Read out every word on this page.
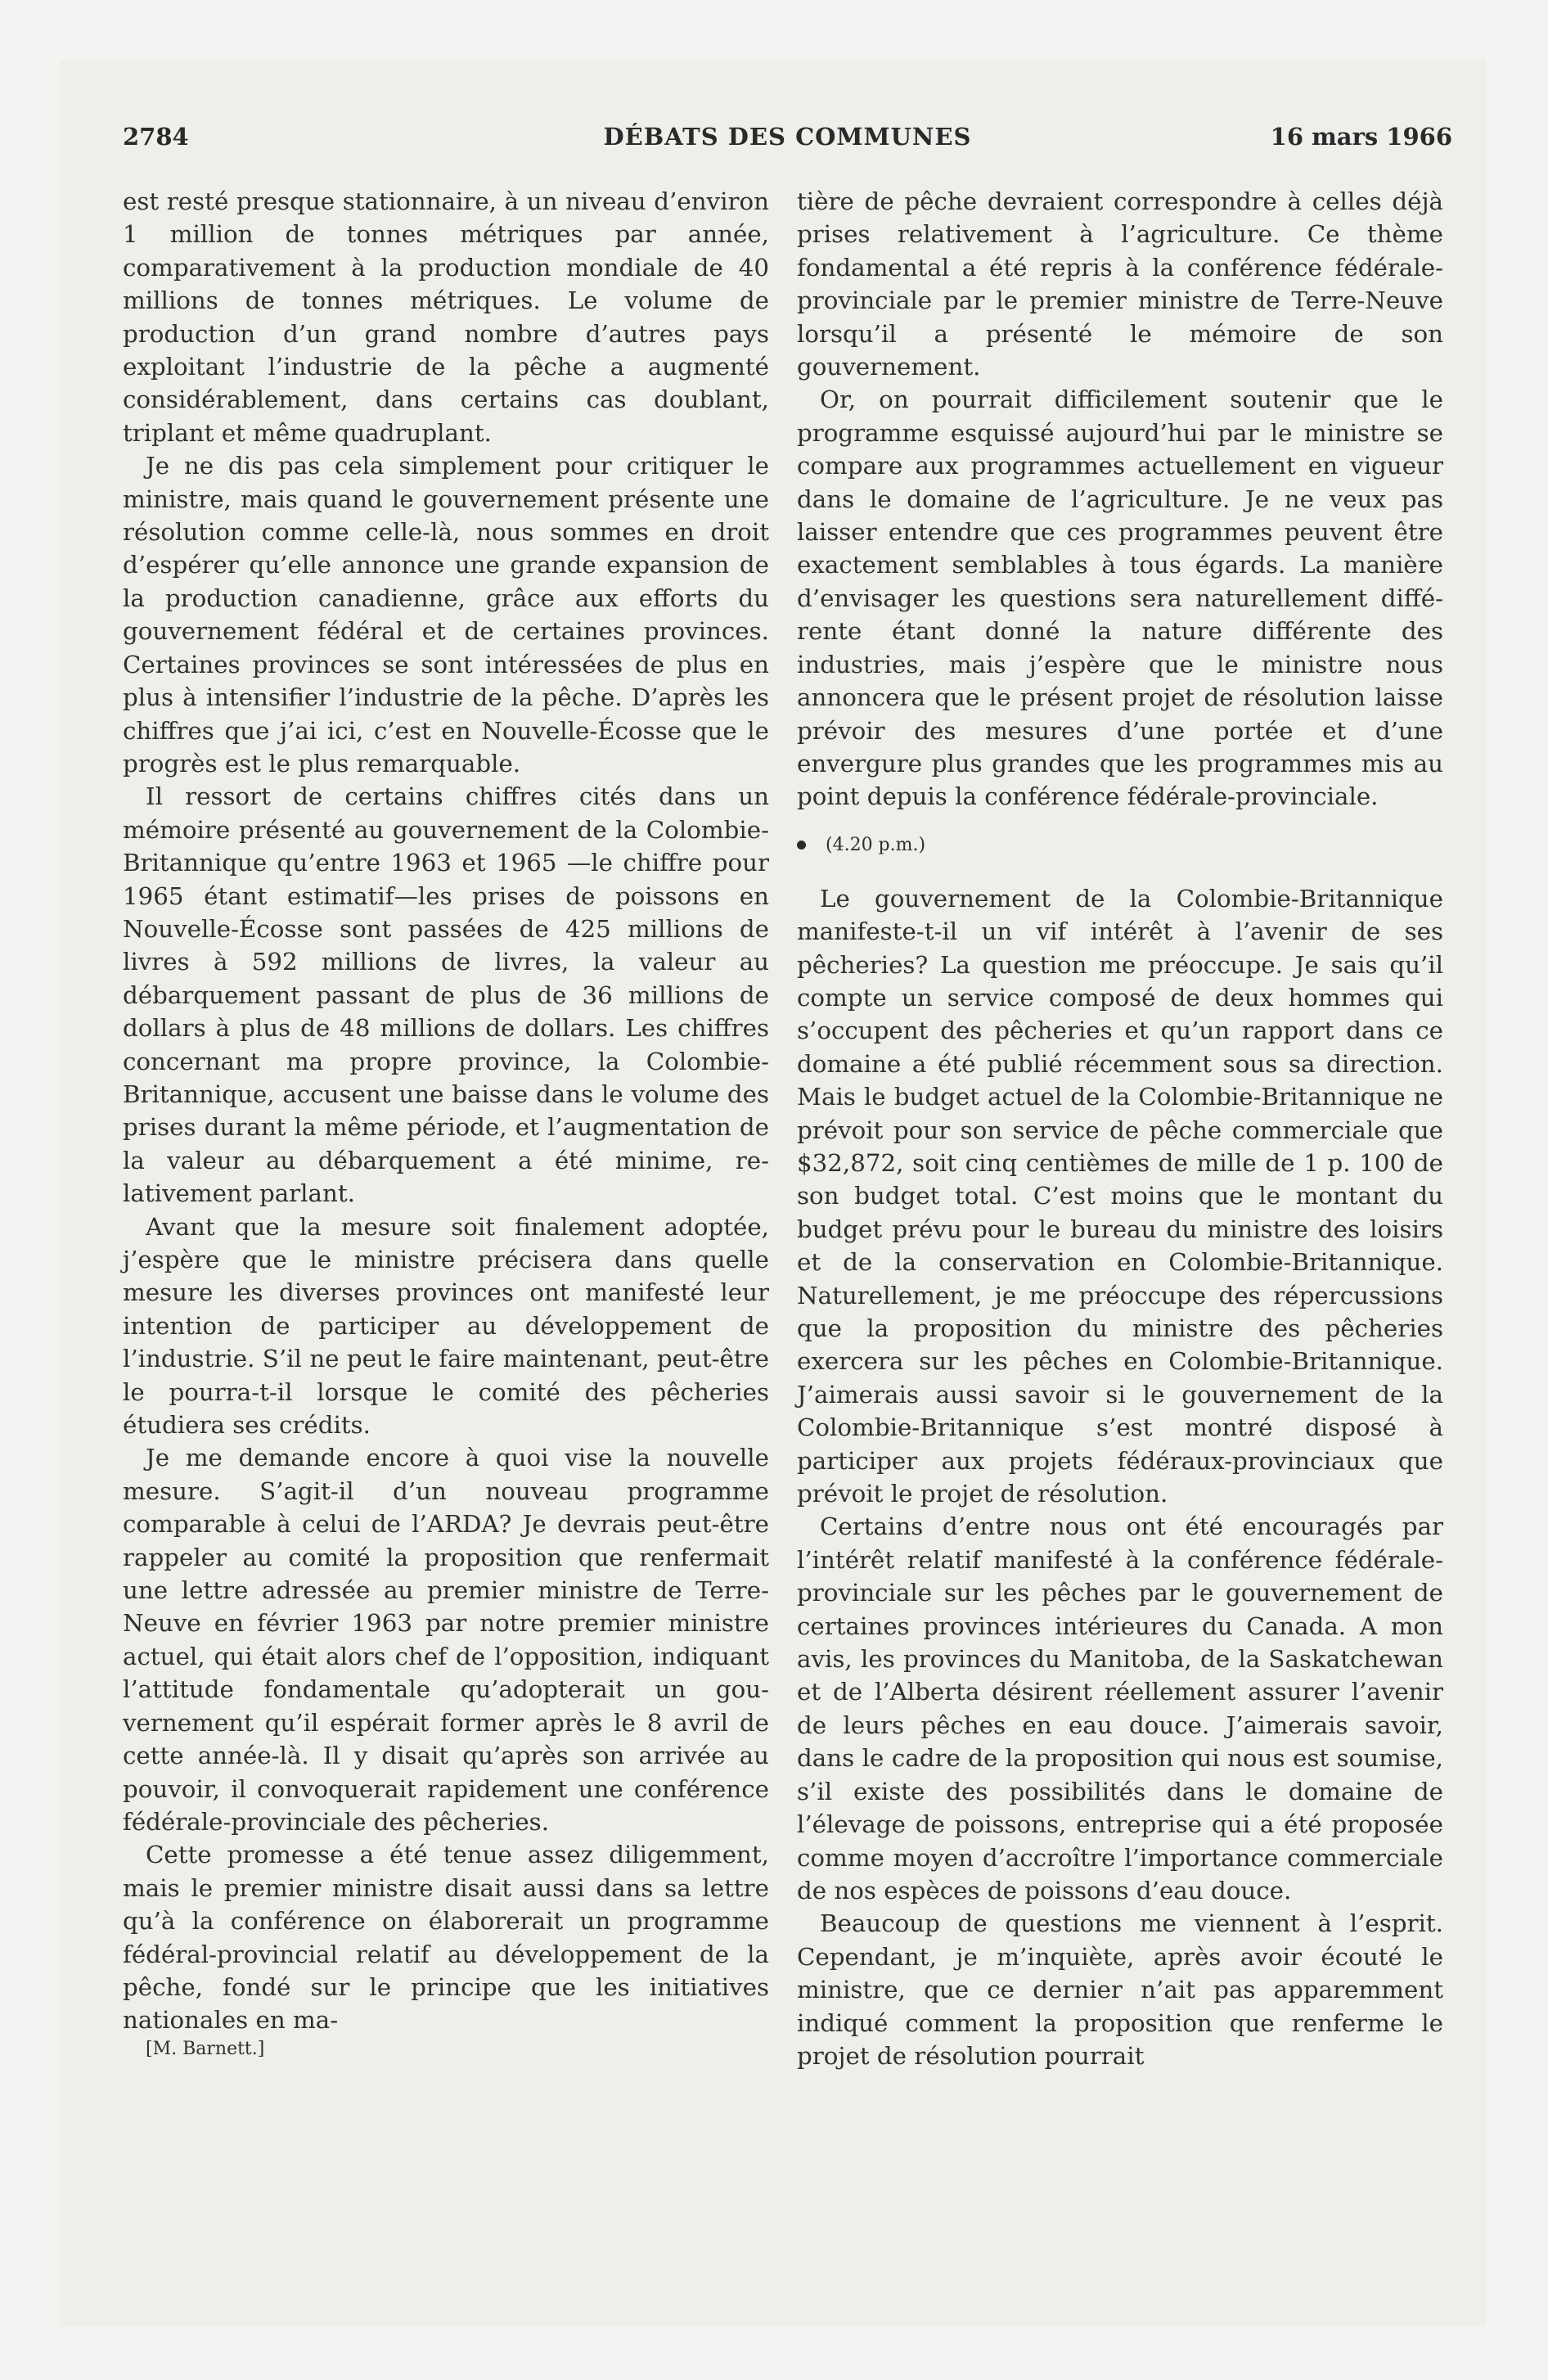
DÉBATS DES COMMUNES
2784	16 mars 1966

est resté presque stationnaire, à un niveau d’environ 1 million de tonnes métriques par année, comparativement à la production mondiale de 40 millions de tonnes métriques. Le volume de production d’un grand nombre d’autres pays exploitant l’industrie de la pêche a augmenté considérablement, dans certains cas doublant, triplant et même quadruplant.

Je ne dis pas cela simplement pour critiquer le ministre, mais quand le gouvernement présente une résolution comme celle-là, nous sommes en droit d’espérer qu’elle annonce une grande expansion de la production canadienne, grâce aux efforts du gouvernement fédéral et de certaines provinces. Certaines provinces se sont intéressées de plus en plus à intensifier l’industrie de la pêche. D’après les chiffres que j’ai ici, c’est en Nouvelle-Écosse que le progrès est le plus remarquable.

Il ressort de certains chiffres cités dans un mémoire présenté au gouvernement de la Colombie-Britannique qu’entre 1963 et 1965 —le chiffre pour 1965 étant estimatif—les prises de poissons en Nouvelle-Écosse sont passées de 425 millions de livres à 592 millions de livres, la valeur au débarquement passant de plus de 36 millions de dollars à plus de 48 millions de dollars. Les chiffres concernant ma propre province, la Colombie-Britannique, accusent une baisse dans le volume des prises durant la même période, et l’augmentation de la valeur au débarquement a été minime, relativement parlant.

Avant que la mesure soit finalement adoptée, j’espère que le ministre précisera dans quelle mesure les diverses provinces ont manifesté leur intention de participer au développement de l’industrie. S’il ne peut le faire maintenant, peut-être le pourra-t-il lorsque le comité des pêcheries étudiera ses crédits.

Je me demande encore à quoi vise la nouvelle mesure. S’agit-il d’un nouveau programme comparable à celui de l’ARDA? Je devrais peut-être rappeler au comité la proposition que renfermait une lettre adressée au premier ministre de Terre-Neuve en février 1963 par notre premier ministre actuel, qui était alors chef de l’opposition, indiquant l’attitude fondamentale qu’adopterait un gouvernement qu’il espérait former après le 8 avril de cette année-là. Il y disait qu’après son arrivée au pouvoir, il convoquerait rapidement une conférence fédérale-provinciale des pêcheries.

Cette promesse a été tenue assez diligemment, mais le premier ministre disait aussi dans sa lettre qu’à la conférence on élaborerait un programme fédéral-provincial relatif au développement de la pêche, fondé sur le principe que les initiatives nationales en ma-

[M. Barnett.]

tière de pêche devraient correspondre à celles déjà prises relativement à l’agriculture. Ce thème fondamental a été repris à la conférence fédérale-provinciale par le premier ministre de Terre-Neuve lorsqu’il a présenté le mémoire de son gouvernement.

Or, on pourrait difficilement soutenir que le programme esquissé aujourd’hui par le ministre se compare aux programmes actuellement en vigueur dans le domaine de l’agriculture. Je ne veux pas laisser entendre que ces programmes peuvent être exactement semblables à tous égards. La manière d’envisager les questions sera naturellement différente étant donné la nature différente des industries, mais j’espère que le ministre nous annoncera que le présent projet de résolution laisse prévoir des mesures d’une portée et d’une envergure plus grandes que les programmes mis au point depuis la conférence fédérale-provinciale.

(4.20 p.m.)

Le gouvernement de la Colombie-Britannique manifeste-t-il un vif intérêt à l’avenir de ses pêcheries? La question me préoccupe. Je sais qu’il compte un service composé de deux hommes qui s’occupent des pêcheries et qu’un rapport dans ce domaine a été publié récemment sous sa direction. Mais le budget actuel de la Colombie-Britannique ne prévoit pour son service de pêche commerciale que $32,872, soit cinq centièmes de mille de 1 p. 100 de son budget total. C’est moins que le montant du budget prévu pour le bureau du ministre des loisirs et de la conservation en Colombie-Britannique. Naturellement, je me préoccupe des répercussions que la proposition du ministre des pêcheries exercera sur les pêches en Colombie-Britannique. J’aimerais aussi savoir si le gouvernement de la Colombie-Britannique s’est montré disposé à participer aux projets fédéraux-provinciaux que prévoit le projet de résolution.

Certains d’entre nous ont été encouragés par l’intérêt relatif manifesté à la conférence fédérale-provinciale sur les pêches par le gouvernement de certaines provinces intérieures du Canada. A mon avis, les provinces du Manitoba, de la Saskatchewan et de l’Alberta désirent réellement assurer l’avenir de leurs pêches en eau douce. J’aimerais savoir, dans le cadre de la proposition qui nous est soumise, s’il existe des possibilités dans le domaine de l’élevage de poissons, entreprise qui a été proposée comme moyen d’accroître l’importance commerciale de nos espèces de poissons d’eau douce.

Beaucoup de questions me viennent à l’esprit. Cependant, je m’inquiète, après avoir écouté le ministre, que ce dernier n’ait pas apparemment indiqué comment la proposition que renferme le projet de résolution pourrait
